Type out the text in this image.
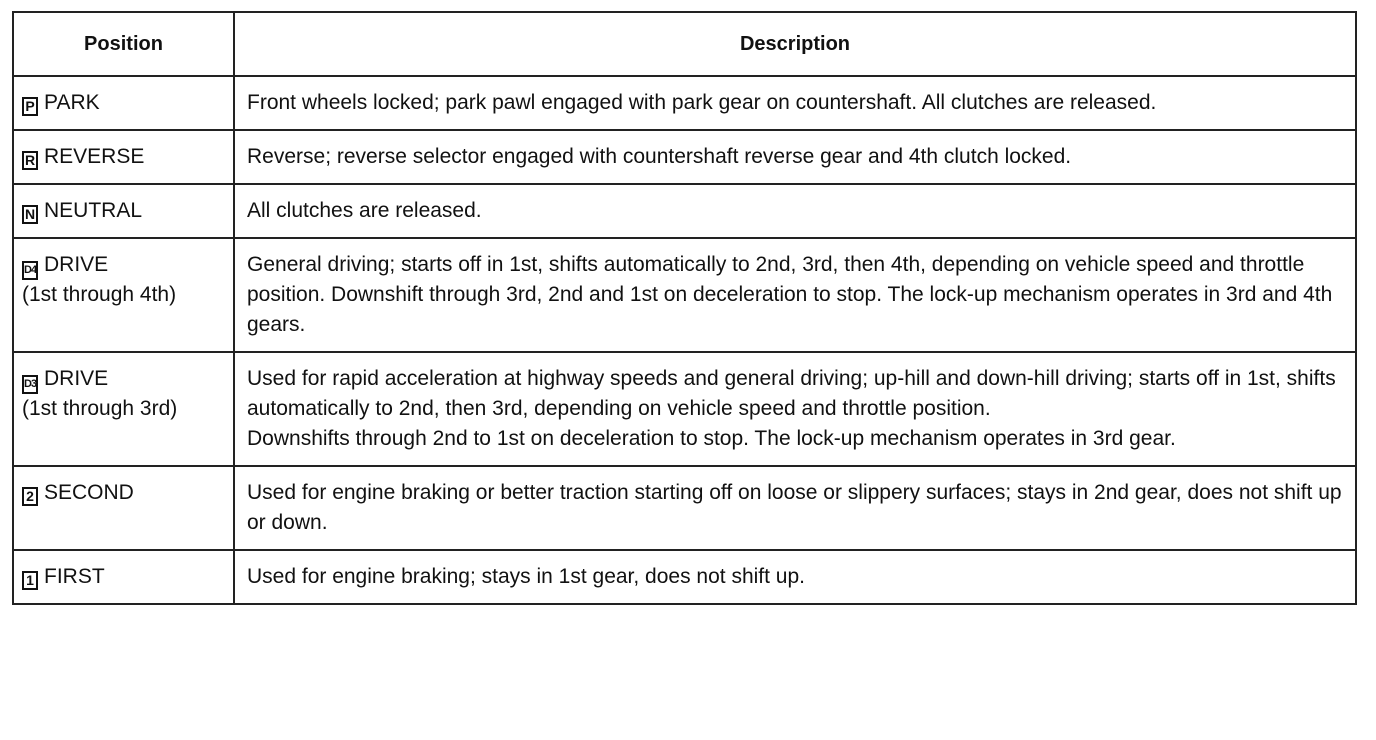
Position	Description

P PARK	Front wheels locked; park pawl engaged with park gear on countershaft. All clutches are released.

R REVERSE	Reverse; reverse selector engaged with countershaft reverse gear and 4th clutch locked.

N NEUTRAL	All clutches are released.

D4 DRIVE
(1st through 4th)	General driving; starts off in 1st, shifts automatically to 2nd, 3rd, then 4th, depending on vehicle speed and throttle position. Downshift through 3rd, 2nd and 1st on deceleration to stop. The lock-up mechanism operates in 3rd and 4th gears.

D3 DRIVE
(1st through 3rd)	Used for rapid acceleration at highway speeds and general driving; up-hill and down-hill driving; starts off in 1st, shifts automatically to 2nd, then 3rd, depending on vehicle speed and throttle position.
Downshifts through 2nd to 1st on deceleration to stop. The lock-up mechanism operates in 3rd gear.

2 SECOND	Used for engine braking or better traction starting off on loose or slippery surfaces; stays in 2nd gear, does not shift up or down.

1 FIRST	Used for engine braking; stays in 1st gear, does not shift up.
